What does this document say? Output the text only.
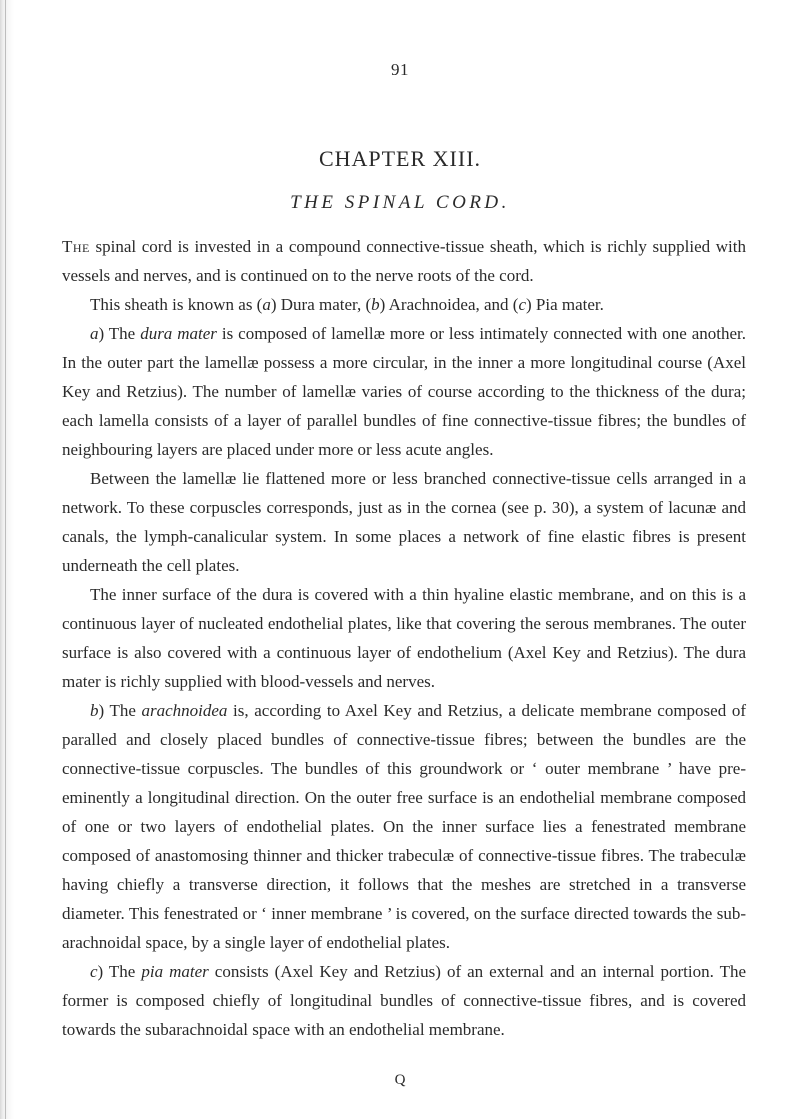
91
CHAPTER XIII.
THE SPINAL CORD.

The spinal cord is invested in a compound connective-tissue sheath, which is richly supplied with vessels and nerves, and is continued on to the nerve roots of the cord.

This sheath is known as (a) Dura mater, (b) Arachnoidea, and (c) Pia mater.

a) The dura mater is composed of lamellæ more or less intimately connected with one another. In the outer part the lamellæ possess a more circular, in the inner a more longitudinal course (Axel Key and Retzius). The number of lamellæ varies of course according to the thickness of the dura; each lamella consists of a layer of parallel bundles of fine connective-tissue fibres; the bundles of neighbouring layers are placed under more or less acute angles.

Between the lamellæ lie flattened more or less branched connective-tissue cells arranged in a network. To these corpuscles corresponds, just as in the cornea (see p. 30), a system of lacunæ and canals, the lymph-canalicular system. In some places a network of fine elastic fibres is present underneath the cell plates.

The inner surface of the dura is covered with a thin hyaline elastic membrane, and on this is a continuous layer of nucleated endothelial plates, like that covering the serous membranes. The outer surface is also covered with a continuous layer of endothelium (Axel Key and Retzius). The dura mater is richly supplied with blood-vessels and nerves.

b) The arachnoidea is, according to Axel Key and Retzius, a delicate membrane composed of paralled and closely placed bundles of connective-tissue fibres; between the bundles are the connective-tissue corpuscles. The bundles of this groundwork or ‘ outer membrane ’ have pre-eminently a longitudinal direction. On the outer free surface is an endothelial membrane composed of one or two layers of endothelial plates. On the inner surface lies a fenestrated membrane composed of anastomosing thinner and thicker trabeculæ of connective-tissue fibres. The trabeculæ having chiefly a transverse direction, it follows that the meshes are stretched in a transverse diameter. This fenestrated or ‘ inner membrane ’ is covered, on the surface directed towards the sub-arachnoidal space, by a single layer of endothelial plates.

c) The pia mater consists (Axel Key and Retzius) of an external and an internal portion. The former is composed chiefly of longitudinal bundles of connective-tissue fibres, and is covered towards the subarachnoidal space with an endothelial membrane.

Q
